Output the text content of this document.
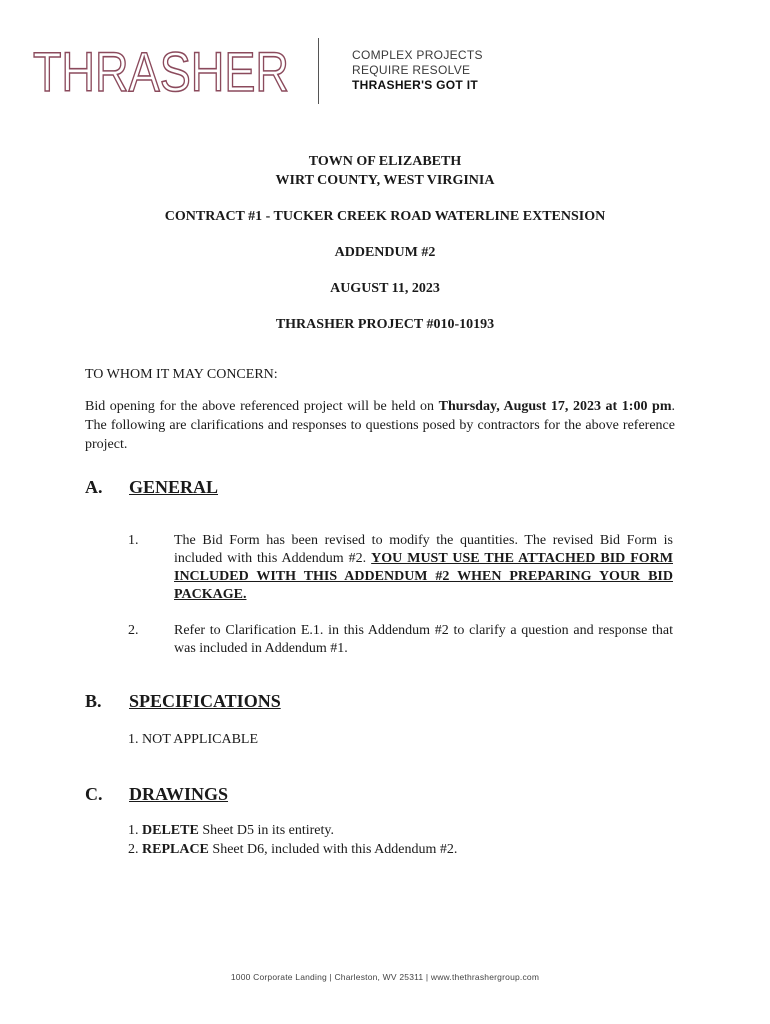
THRASHER	COMPLEX PROJECTS
REQUIRE RESOLVE
THRASHER'S GOT IT
TOWN OF ELIZABETH
WIRT COUNTY, WEST VIRGINIA
CONTRACT #1 - TUCKER CREEK ROAD WATERLINE EXTENSION
ADDENDUM #2
AUGUST 11, 2023
THRASHER PROJECT #010-10193
TO WHOM IT MAY CONCERN:
Bid opening for the above referenced project will be held on Thursday, August 17, 2023 at 1:00 pm. The following are clarifications and responses to questions posed by contractors for the above reference project.
A. GENERAL
1.	The Bid Form has been revised to modify the quantities. The revised Bid Form is included with this Addendum #2. YOU MUST USE THE ATTACHED BID FORM INCLUDED WITH THIS ADDENDUM #2 WHEN PREPARING YOUR BID PACKAGE.
2.	Refer to Clarification E.1. in this Addendum #2 to clarify a question and response that was included in Addendum #1.
B. SPECIFICATIONS
1. NOT APPLICABLE
C. DRAWINGS
1. DELETE Sheet D5 in its entirety.
2. REPLACE Sheet D6, included with this Addendum #2.
1000 Corporate Landing | Charleston, WV 25311 | www.thethrashergroup.com
